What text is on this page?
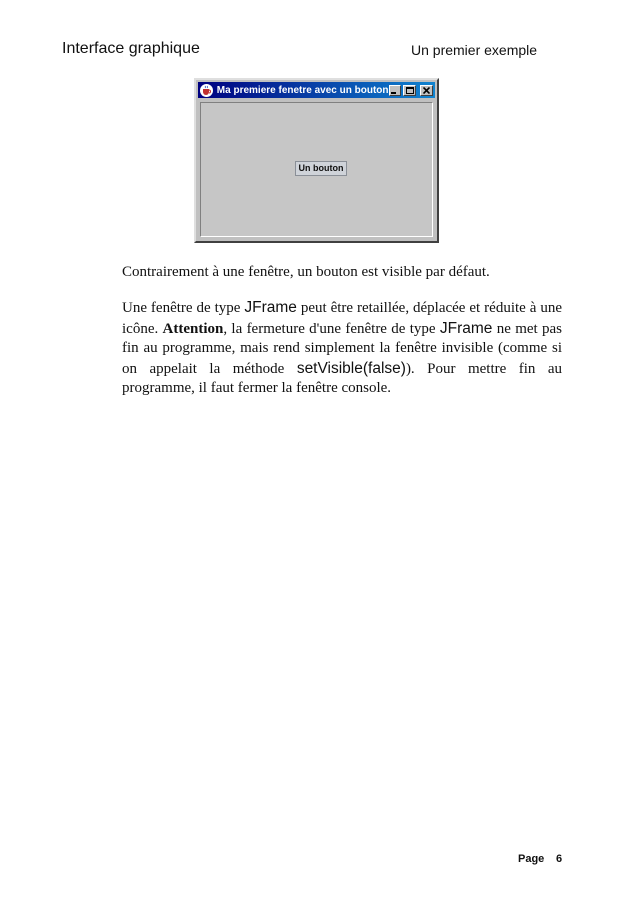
Interface graphique	Un premier exemple
Ma premiere fenetre avec un bouton
Un bouton

Contrairement à une fenêtre, un bouton est visible par défaut.

Une fenêtre de type JFrame peut être retaillée, déplacée et réduite à une icône. Attention, la fermeture d'une fenêtre de type JFrame ne met pas fin au programme, mais rend simplement la fenêtre invisible (comme si on appelait la méthode setVisible(false)). Pour mettre fin au programme, il faut fermer la fenêtre console.

Page 6
